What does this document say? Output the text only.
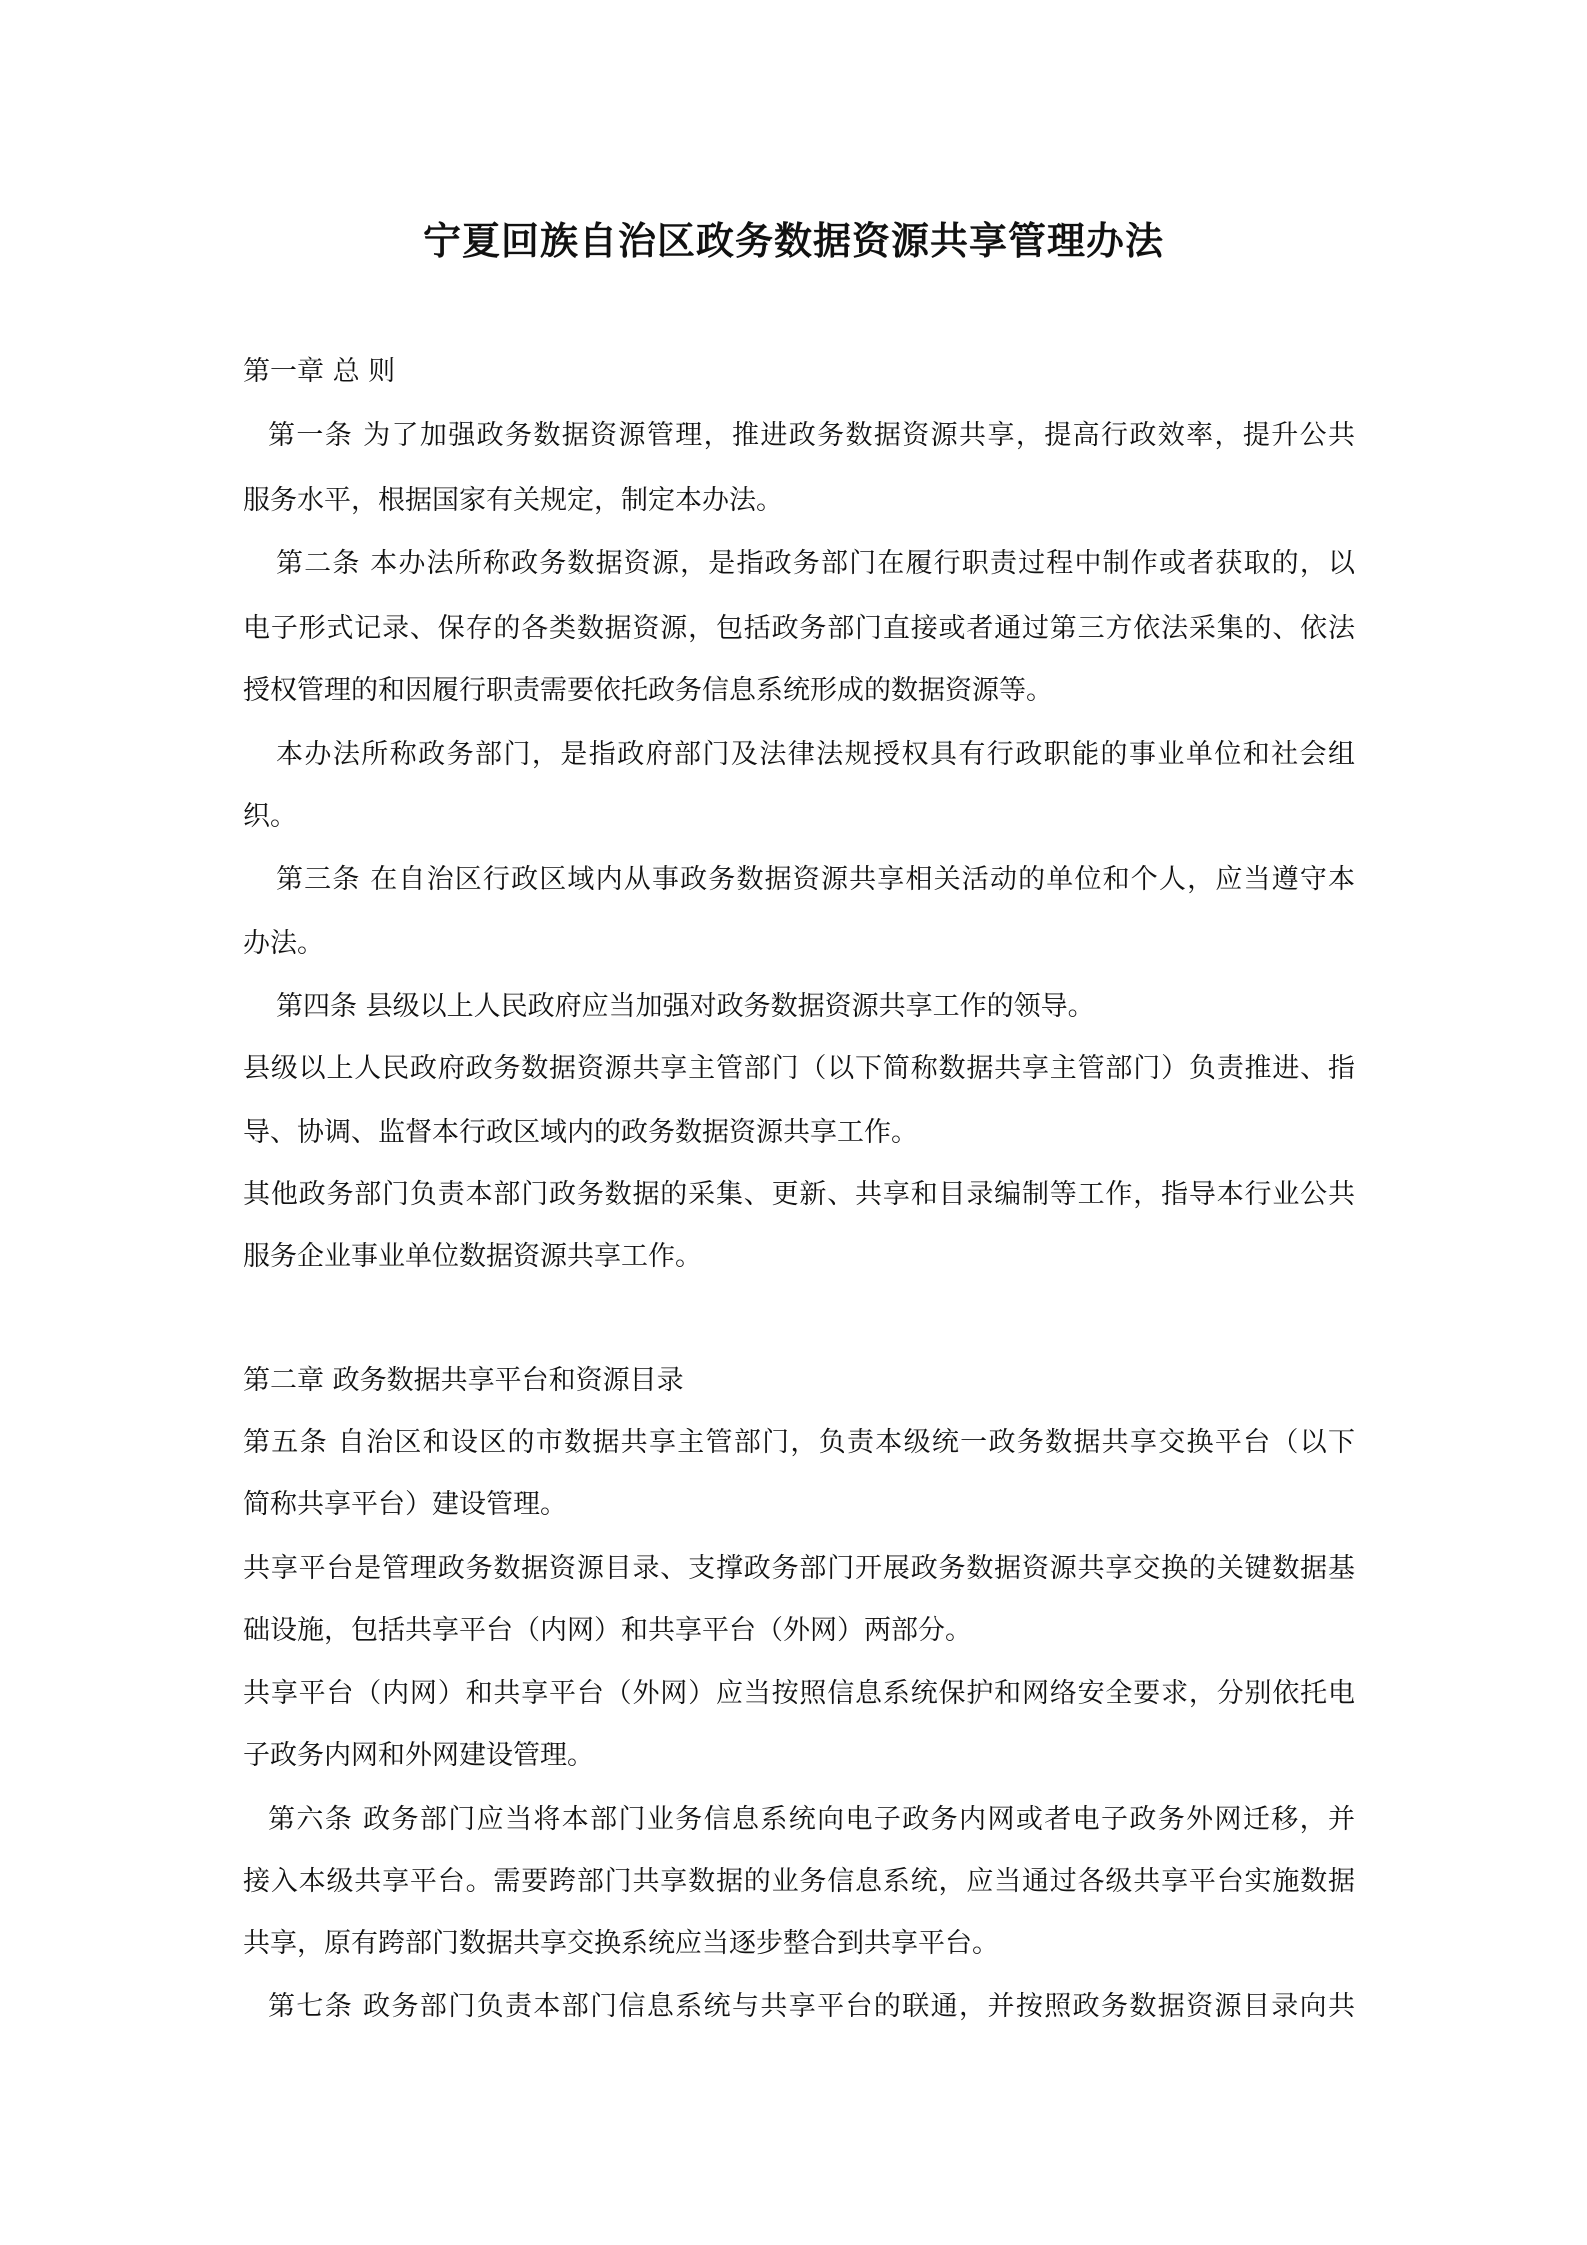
宁夏回族自治区政务数据资源共享管理办法
第一章 总 则
第一条 为了加强政务数据资源管理，推进政务数据资源共享，提高行政效率，提升公共
服务水平，根据国家有关规定，制定本办法。
第二条 本办法所称政务数据资源，是指政务部门在履行职责过程中制作或者获取的，以
电子形式记录、保存的各类数据资源，包括政务部门直接或者通过第三方依法采集的、依法
授权管理的和因履行职责需要依托政务信息系统形成的数据资源等。
本办法所称政务部门，是指政府部门及法律法规授权具有行政职能的事业单位和社会组
织。
第三条 在自治区行政区域内从事政务数据资源共享相关活动的单位和个人，应当遵守本
办法。
第四条 县级以上人民政府应当加强对政务数据资源共享工作的领导。
县级以上人民政府政务数据资源共享主管部门（以下简称数据共享主管部门）负责推进、指
导、协调、监督本行政区域内的政务数据资源共享工作。
其他政务部门负责本部门政务数据的采集、更新、共享和目录编制等工作，指导本行业公共
服务企业事业单位数据资源共享工作。
第二章 政务数据共享平台和资源目录
第五条 自治区和设区的市数据共享主管部门，负责本级统一政务数据共享交换平台（以下
简称共享平台）建设管理。
共享平台是管理政务数据资源目录、支撑政务部门开展政务数据资源共享交换的关键数据基
础设施，包括共享平台（内网）和共享平台（外网）两部分。
共享平台（内网）和共享平台（外网）应当按照信息系统保护和网络安全要求，分别依托电
子政务内网和外网建设管理。
第六条 政务部门应当将本部门业务信息系统向电子政务内网或者电子政务外网迁移，并
接入本级共享平台。需要跨部门共享数据的业务信息系统，应当通过各级共享平台实施数据
共享，原有跨部门数据共享交换系统应当逐步整合到共享平台。
第七条 政务部门负责本部门信息系统与共享平台的联通，并按照政务数据资源目录向共
